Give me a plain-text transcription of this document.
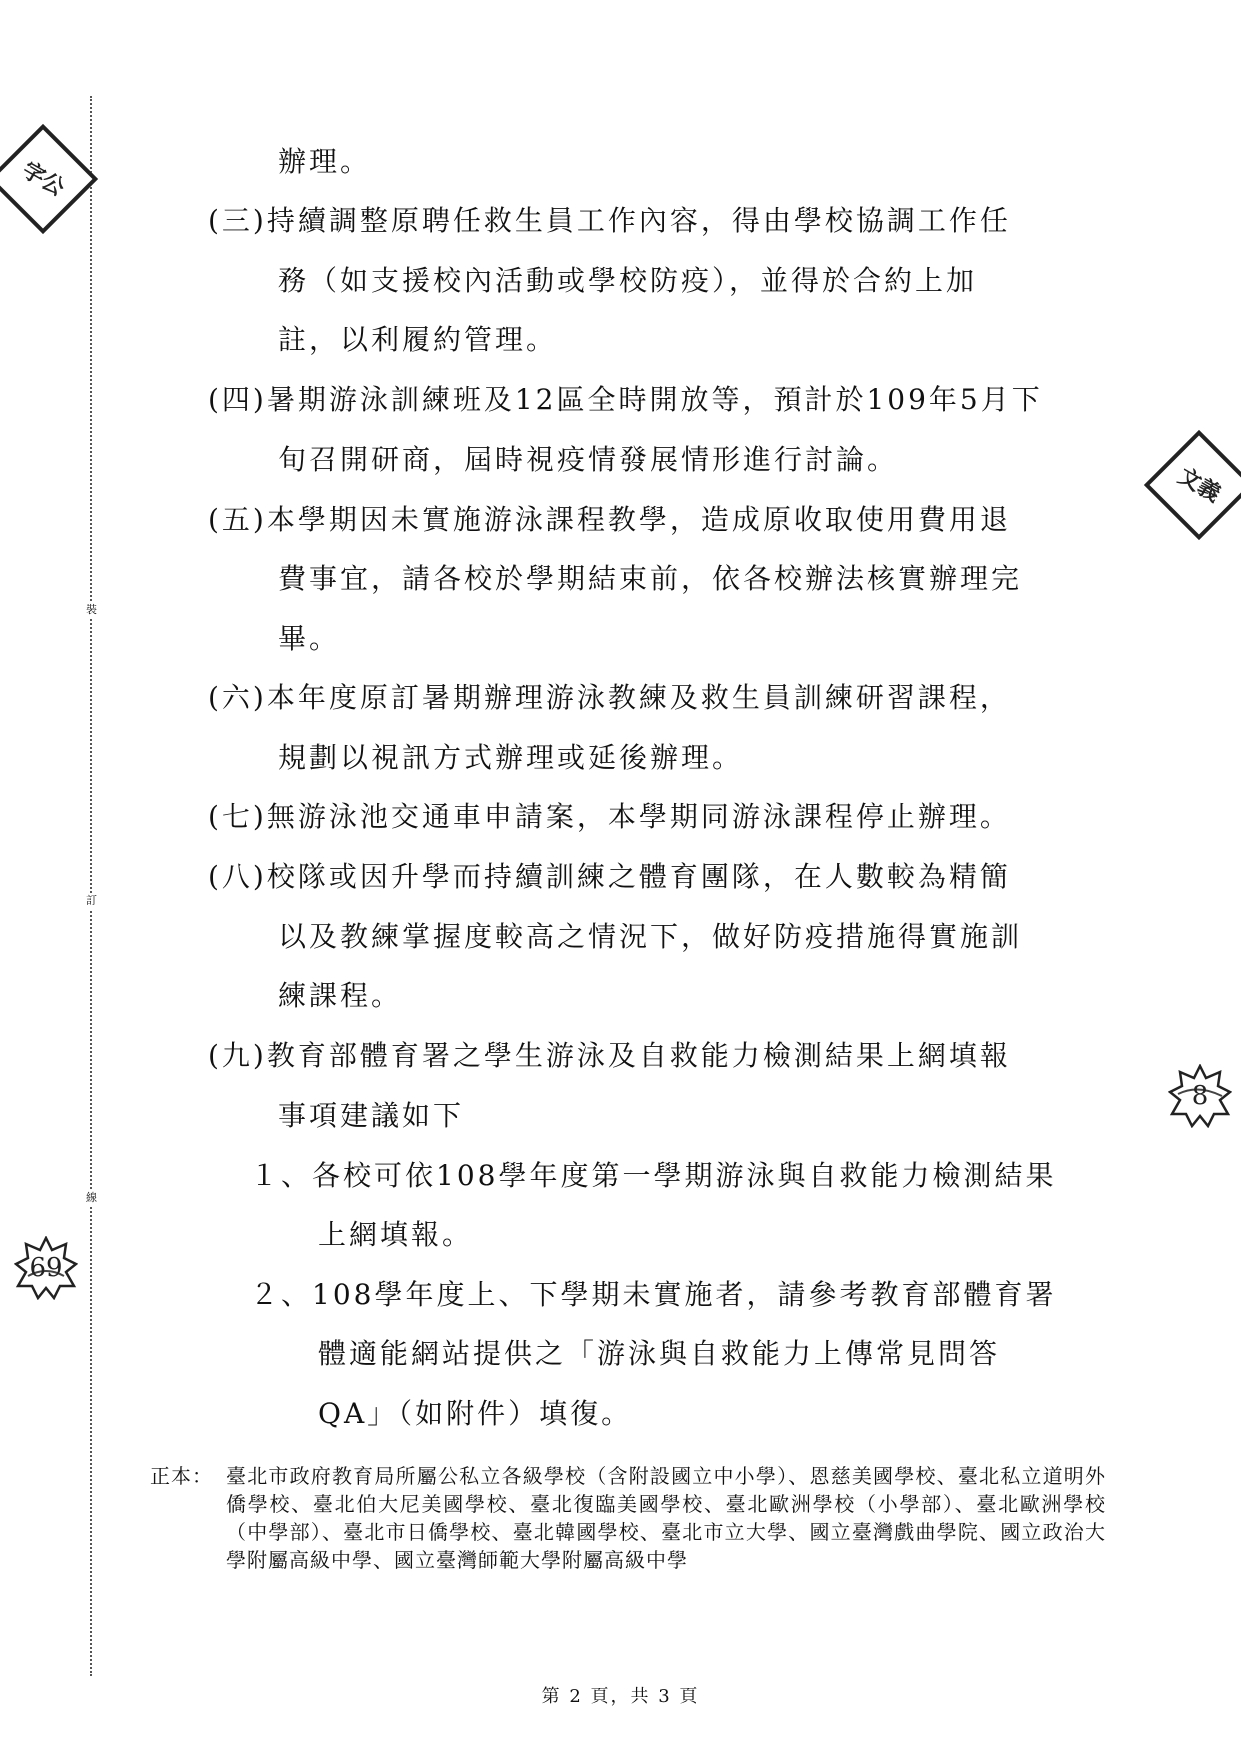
裝
訂
線
字公
文義
69
8
辦理。
(三)持續調整原聘任救生員工作內容，得由學校協調工作任
務（如支援校內活動或學校防疫），並得於合約上加
註，以利履約管理。
(四)暑期游泳訓練班及12區全時開放等，預計於109年5月下
旬召開研商，屆時視疫情發展情形進行討論。
(五)本學期因未實施游泳課程教學，造成原收取使用費用退
費事宜，請各校於學期結束前，依各校辦法核實辦理完
畢。
(六)本年度原訂暑期辦理游泳教練及救生員訓練研習課程，
規劃以視訊方式辦理或延後辦理。
(七)無游泳池交通車申請案，本學期同游泳課程停止辦理。
(八)校隊或因升學而持續訓練之體育團隊，在人數較為精簡
以及教練掌握度較高之情況下，做好防疫措施得實施訓
練課程。
(九)教育部體育署之學生游泳及自救能力檢測結果上網填報
事項建議如下
１、各校可依108學年度第一學期游泳與自救能力檢測結果
上網填報。
２、108學年度上、下學期未實施者，請參考教育部體育署
體適能網站提供之「游泳與自救能力上傳常見問答
QA」（如附件）填復。
正本： 臺北市政府教育局所屬公私立各級學校（含附設國立中小學）、恩慈美國學校、臺北私立道明外僑學校、臺北伯大尼美國學校、臺北復臨美國學校、臺北歐洲學校（小學部）、臺北歐洲學校（中學部）、臺北市日僑學校、臺北韓國學校、臺北市立大學、國立臺灣戲曲學院、國立政治大學附屬高級中學、國立臺灣師範大學附屬高級中學
第 2 頁，共 3 頁
